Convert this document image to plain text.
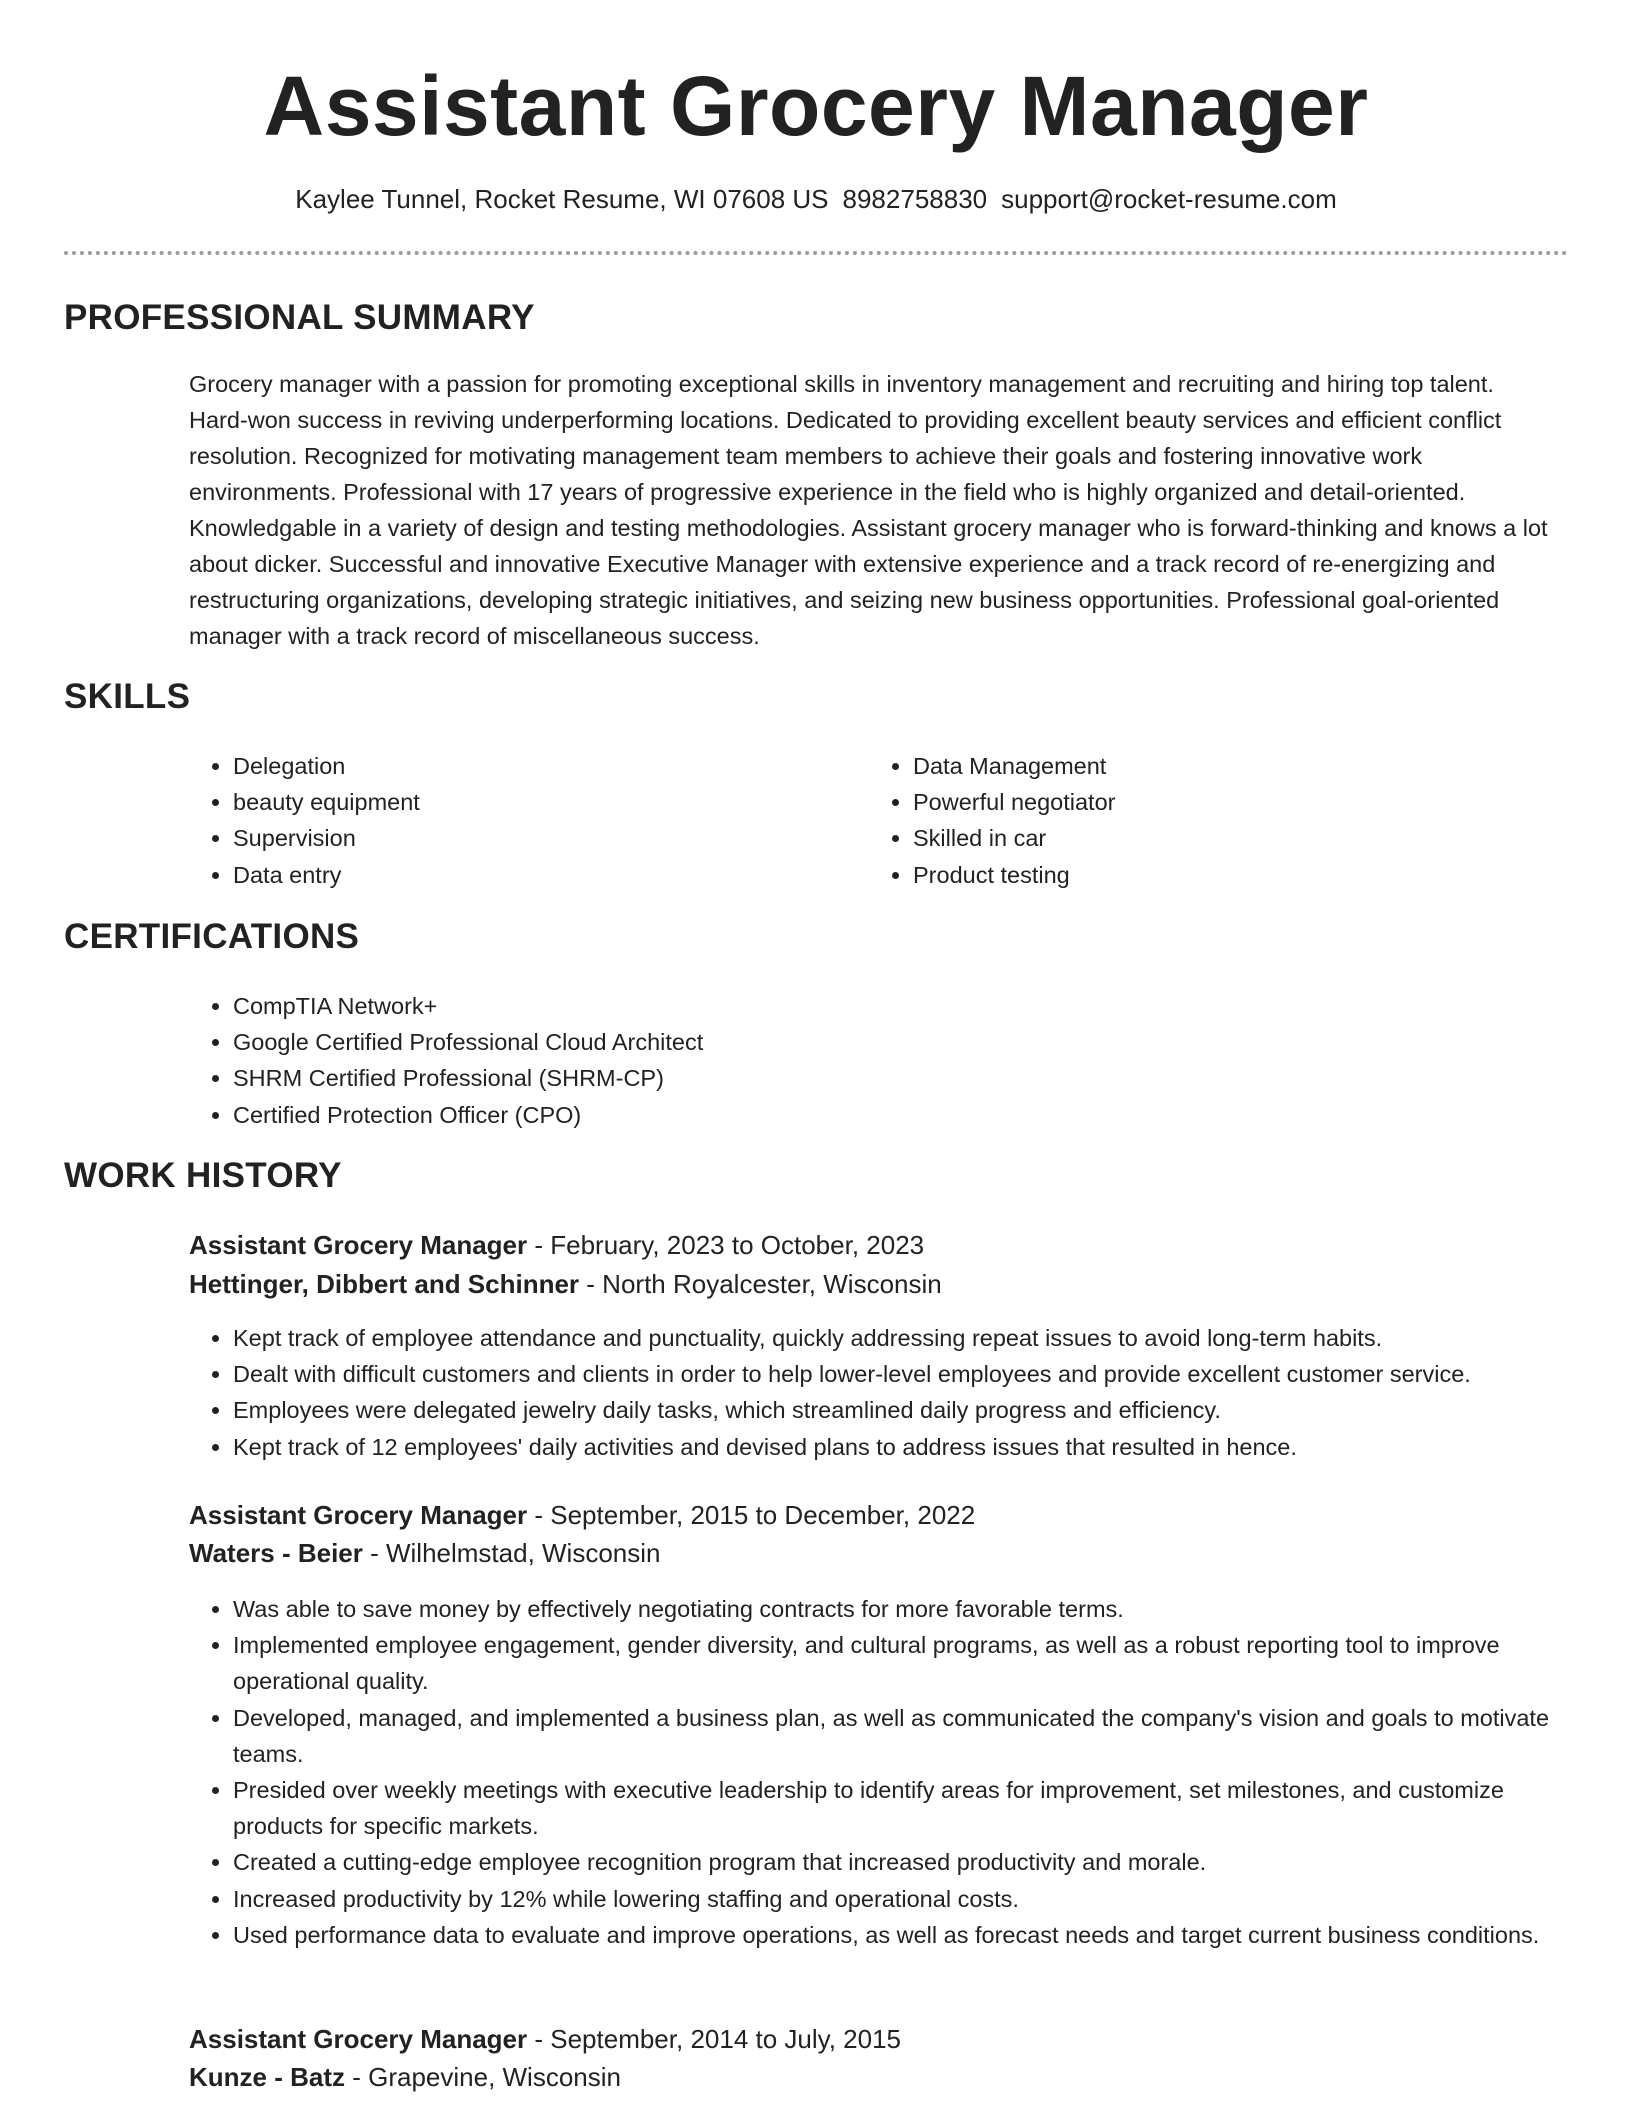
Assistant Grocery Manager
Kaylee Tunnel, Rocket Resume, WI 07608 US 8982758830 support@rocket-resume.com
PROFESSIONAL SUMMARY

Grocery manager with a passion for promoting exceptional skills in inventory management and recruiting and hiring top talent. Hard-won success in reviving underperforming locations. Dedicated to providing excellent beauty services and efficient conflict resolution. Recognized for motivating management team members to achieve their goals and fostering innovative work environments. Professional with 17 years of progressive experience in the field who is highly organized and detail-oriented. Knowledgable in a variety of design and testing methodologies. Assistant grocery manager who is forward-thinking and knows a lot about dicker. Successful and innovative Executive Manager with extensive experience and a track record of re-energizing and restructuring organizations, developing strategic initiatives, and seizing new business opportunities. Professional goal-oriented manager with a track record of miscellaneous success.

SKILLS
• Delegation
• beauty equipment
• Supervision
• Data entry
• Data Management
• Powerful negotiator
• Skilled in car
• Product testing
CERTIFICATIONS
• CompTIA Network+
• Google Certified Professional Cloud Architect
• SHRM Certified Professional (SHRM-CP)
• Certified Protection Officer (CPO)
WORK HISTORY
Assistant Grocery Manager - February, 2023 to October, 2023
Hettinger, Dibbert and Schinner - North Royalcester, Wisconsin
• Kept track of employee attendance and punctuality, quickly addressing repeat issues to avoid long-term habits.
• Dealt with difficult customers and clients in order to help lower-level employees and provide excellent customer service.
• Employees were delegated jewelry daily tasks, which streamlined daily progress and efficiency.
• Kept track of 12 employees' daily activities and devised plans to address issues that resulted in hence.
Assistant Grocery Manager - September, 2015 to December, 2022
Waters - Beier - Wilhelmstad, Wisconsin
• Was able to save money by effectively negotiating contracts for more favorable terms.
• Implemented employee engagement, gender diversity, and cultural programs, as well as a robust reporting tool to improve operational quality.
• Developed, managed, and implemented a business plan, as well as communicated the company's vision and goals to motivate teams.
• Presided over weekly meetings with executive leadership to identify areas for improvement, set milestones, and customize products for specific markets.
• Created a cutting-edge employee recognition program that increased productivity and morale.
• Increased productivity by 12% while lowering staffing and operational costs.
• Used performance data to evaluate and improve operations, as well as forecast needs and target current business conditions.
Assistant Grocery Manager - September, 2014 to July, 2015
Kunze - Batz - Grapevine, Wisconsin
